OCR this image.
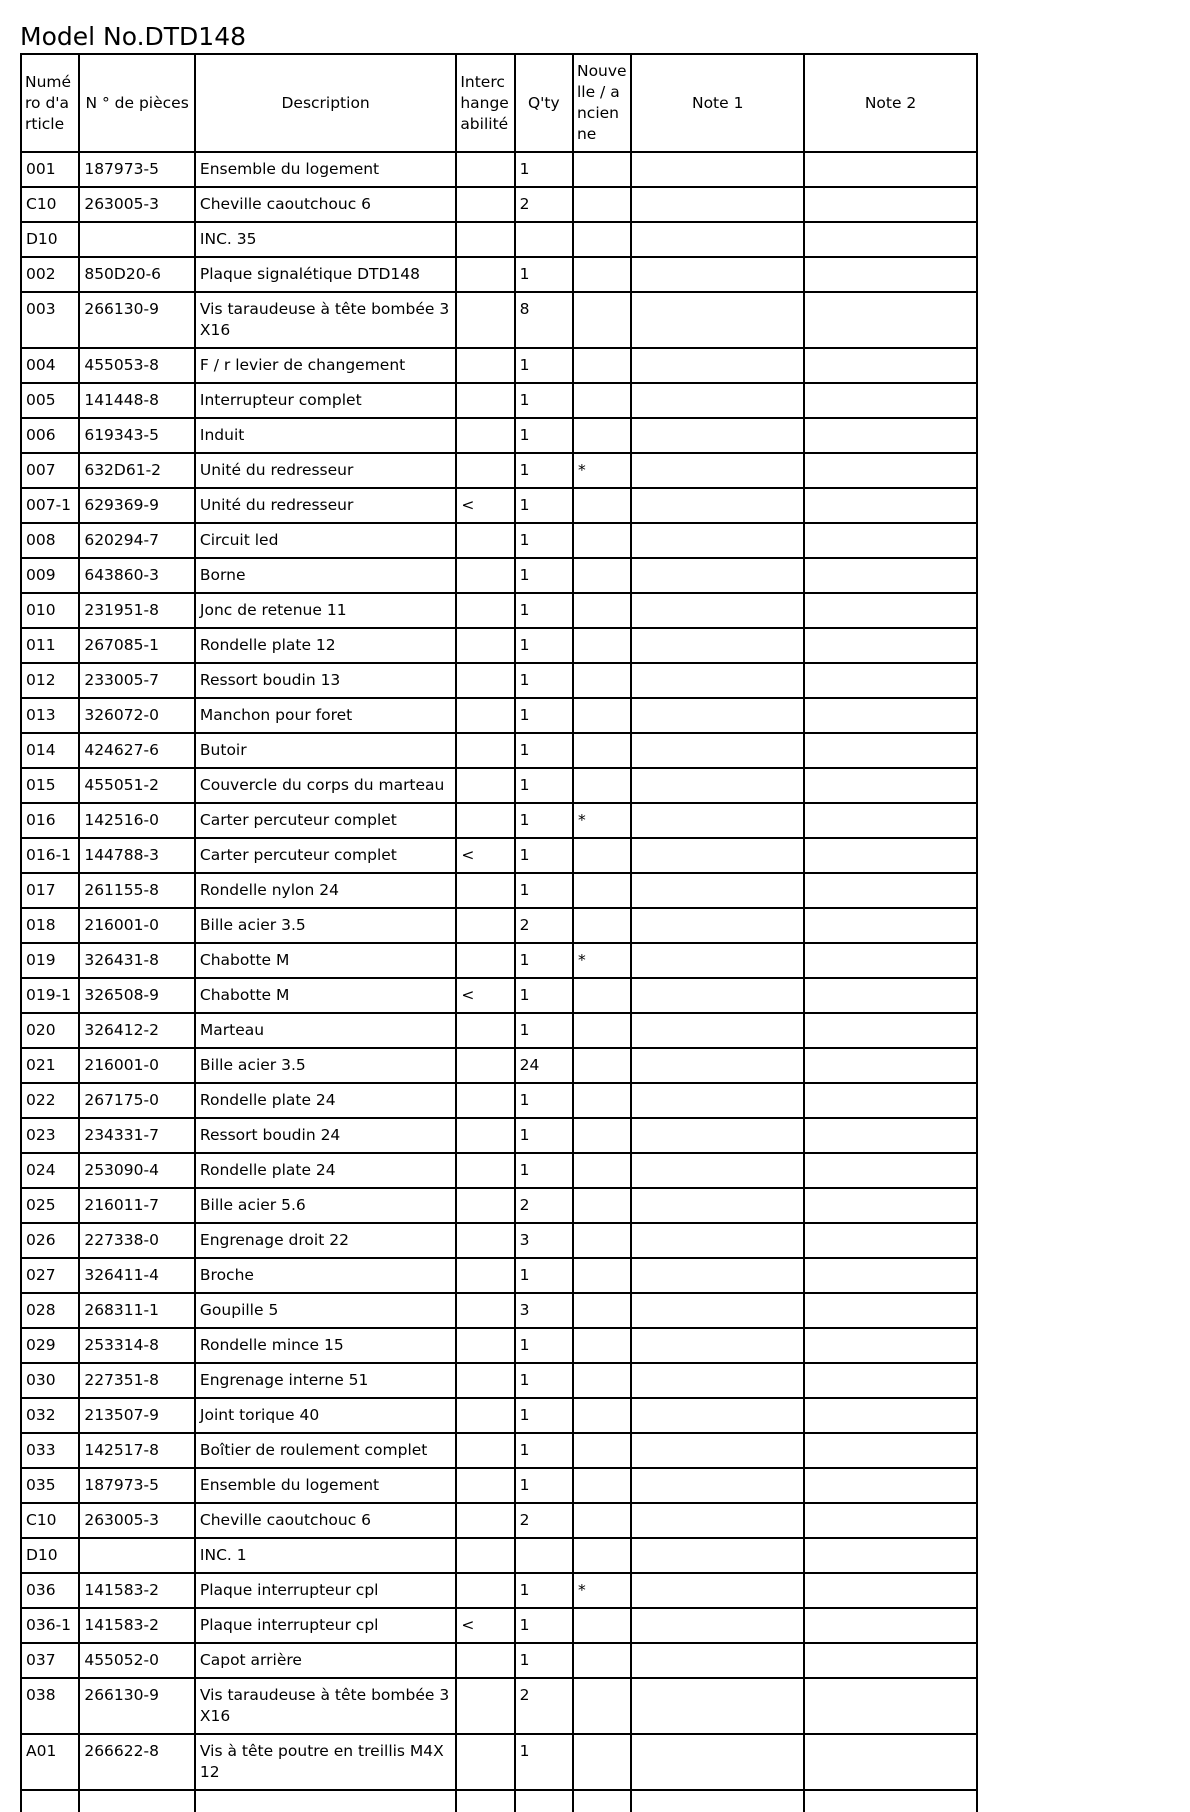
Model No.DTD148
Numéro d'article	N ° de pièces	Description	Interchangeabilité	Q'ty	Nouvelle / ancienne	Note 1	Note 2
001	187973-5	Ensemble du logement		1			
C10	263005-3	Cheville caoutchouc 6		2			
D10		INC. 35					
002	850D20-6	Plaque signalétique DTD148		1			
003	266130-9	Vis taraudeuse à tête bombée 3X16		8			
004	455053-8	F / r levier de changement		1			
005	141448-8	Interrupteur complet		1			
006	619343-5	Induit		1			
007	632D61-2	Unité du redresseur		1	*		
007-1	629369-9	Unité du redresseur	<	1			
008	620294-7	Circuit led		1			
009	643860-3	Borne		1			
010	231951-8	Jonc de retenue 11		1			
011	267085-1	Rondelle plate 12		1			
012	233005-7	Ressort boudin 13		1			
013	326072-0	Manchon pour foret		1			
014	424627-6	Butoir		1			
015	455051-2	Couvercle du corps du marteau		1			
016	142516-0	Carter percuteur complet		1	*		
016-1	144788-3	Carter percuteur complet	<	1			
017	261155-8	Rondelle nylon 24		1			
018	216001-0	Bille acier 3.5		2			
019	326431-8	Chabotte M		1	*		
019-1	326508-9	Chabotte M	<	1			
020	326412-2	Marteau		1			
021	216001-0	Bille acier 3.5		24			
022	267175-0	Rondelle plate 24		1			
023	234331-7	Ressort boudin 24		1			
024	253090-4	Rondelle plate 24		1			
025	216011-7	Bille acier 5.6		2			
026	227338-0	Engrenage droit 22		3			
027	326411-4	Broche		1			
028	268311-1	Goupille 5		3			
029	253314-8	Rondelle mince 15		1			
030	227351-8	Engrenage interne 51		1			
032	213507-9	Joint torique 40		1			
033	142517-8	Boîtier de roulement complet		1			
035	187973-5	Ensemble du logement		1			
C10	263005-3	Cheville caoutchouc 6		2			
D10		INC. 1					
036	141583-2	Plaque interrupteur cpl		1	*		
036-1	141583-2	Plaque interrupteur cpl	<	1			
037	455052-0	Capot arrière		1			
038	266130-9	Vis taraudeuse à tête bombée 3X16		2			
A01	266622-8	Vis à tête poutre en treillis M4X12		1			
